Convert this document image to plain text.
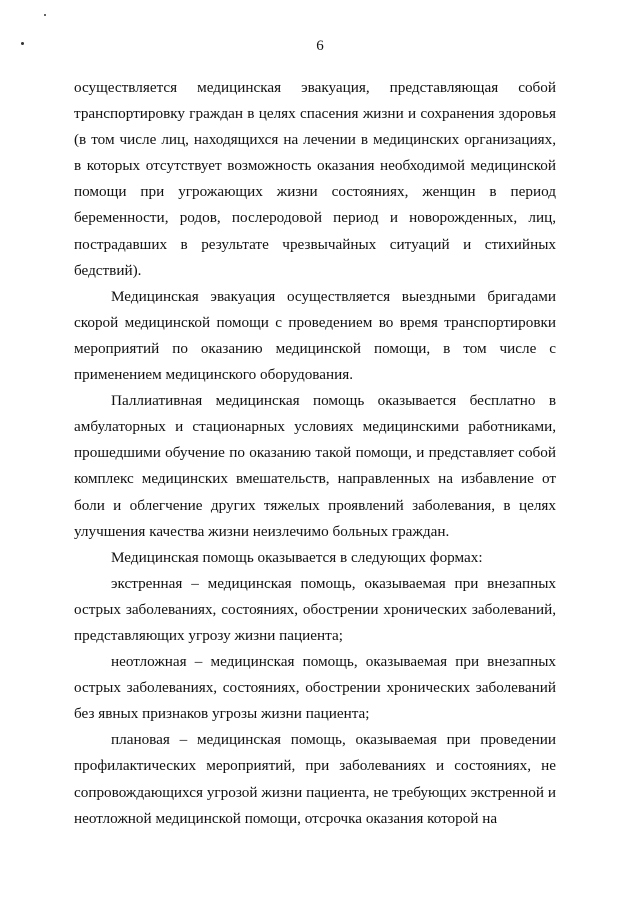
6

осуществляется медицинская эвакуация, представляющая собой транспортировку граждан в целях спасения жизни и сохранения здоровья (в том числе лиц, находящихся на лечении в медицинских организациях, в которых отсутствует возможность оказания необходимой медицинской помощи при угрожающих жизни состояниях, женщин в период беременности, родов, послеродовой период и новорожденных, лиц, пострадавших в результате чрезвычайных ситуаций и стихийных бедствий).

Медицинская эвакуация осуществляется выездными бригадами скорой медицинской помощи с проведением во время транспортировки мероприятий по оказанию медицинской помощи, в том числе с применением медицинского оборудования.

Паллиативная медицинская помощь оказывается бесплатно в амбулаторных и стационарных условиях медицинскими работниками, прошедшими обучение по оказанию такой помощи, и представляет собой комплекс медицинских вмешательств, направленных на избавление от боли и облегчение других тяжелых проявлений заболевания, в целях улучшения качества жизни неизлечимо больных граждан.

Медицинская помощь оказывается в следующих формах:

экстренная – медицинская помощь, оказываемая при внезапных острых заболеваниях, состояниях, обострении хронических заболеваний, представляющих угрозу жизни пациента;

неотложная – медицинская помощь, оказываемая при внезапных острых заболеваниях, состояниях, обострении хронических заболеваний без явных признаков угрозы жизни пациента;

плановая – медицинская помощь, оказываемая при проведении профилактических мероприятий, при заболеваниях и состояниях, не сопровождающихся угрозой жизни пациента, не требующих экстренной и неотложной медицинской помощи, отсрочка оказания которой на
